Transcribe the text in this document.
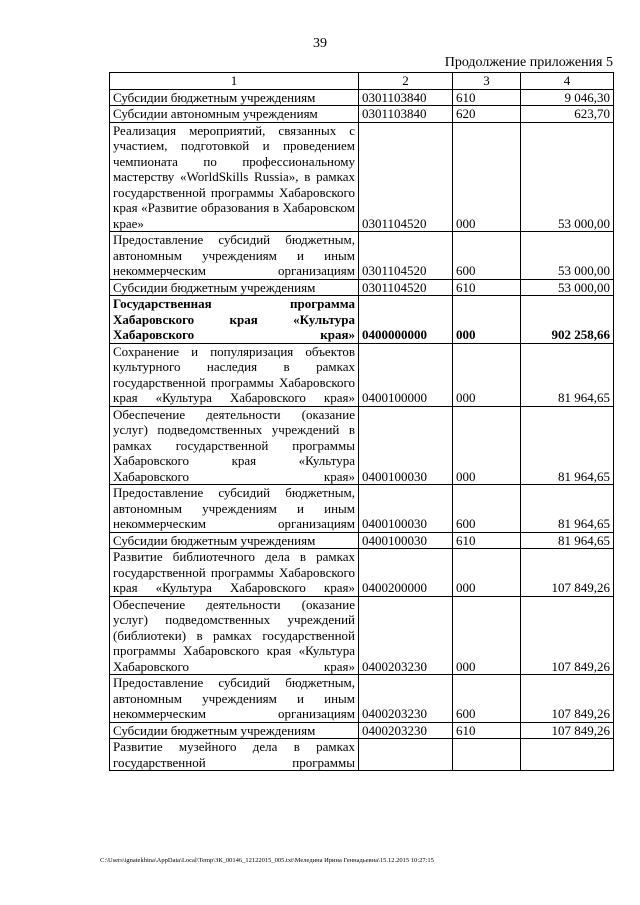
39
Продолжение приложения 5
1	2	3	4
Субсидии бюджетным учреждениям	0301103840	610	9 046,30
Субсидии автономным учреждениям	0301103840	620	623,70
Реализация мероприятий, связанных с участием, подготовкой и проведением чемпионата по профессиональному мастерству «WorldSkills Russia», в рамках государственной программы Хабаровского края «Развитие образования в Хабаровском крае»	0301104520	000	53 000,00
Предоставление субсидий бюджетным, автономным учреждениям и иным некоммерческим организациям	0301104520	600	53 000,00
Субсидии бюджетным учреждениям	0301104520	610	53 000,00
Государственная программа Хабаровского края «Культура Хабаровского края»	0400000000	000	902 258,66
Сохранение и популяризация объектов культурного наследия в рамках государственной программы Хабаровского края «Культура Хабаровского края»	0400100000	000	81 964,65
Обеспечение деятельности (оказание услуг) подведомственных учреждений в рамках государственной программы Хабаровского края «Культура Хабаровского края»	0400100030	000	81 964,65
Предоставление субсидий бюджетным, автономным учреждениям и иным некоммерческим организациям	0400100030	600	81 964,65
Субсидии бюджетным учреждениям	0400100030	610	81 964,65
Развитие библиотечного дела в рамках государственной программы Хабаровского края «Культура Хабаровского края»	0400200000	000	107 849,26
Обеспечение деятельности (оказание услуг) подведомственных учреждений (библиотеки) в рамках государственной программы Хабаровского края «Культура Хабаровского края»	0400203230	000	107 849,26
Предоставление субсидий бюджетным, автономным учреждениям и иным некоммерческим организациям	0400203230	600	107 849,26
Субсидии бюджетным учреждениям	0400203230	610	107 849,26
Развитие музейного дела в рамках государственной программы			
C:\Users\ignatekhina\AppData\Local\Temp\ЗК_00146_12122015_005.txt\Меледина Ирина Геннадьевна\15.12.2015 10:27:15
